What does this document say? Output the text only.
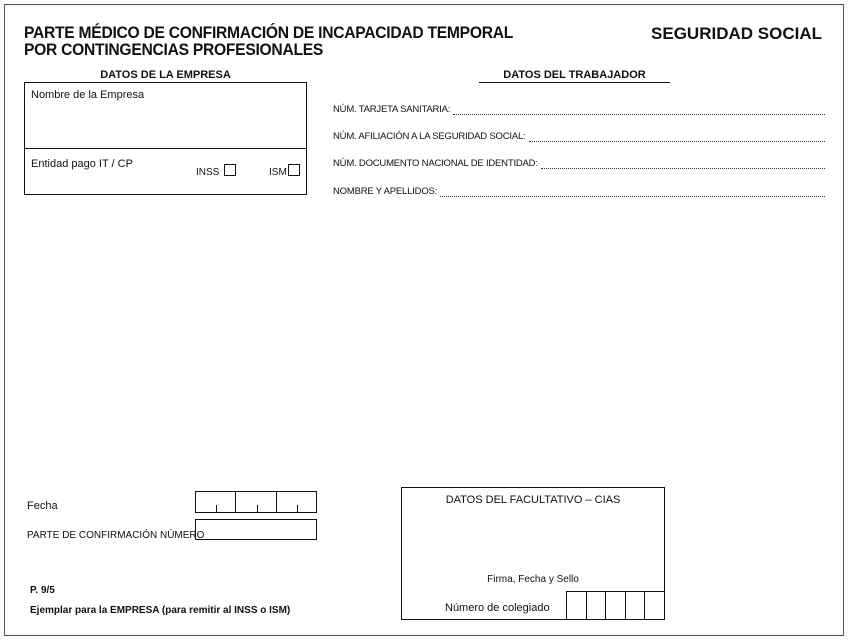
PARTE MÉDICO DE CONFIRMACIÓN DE INCAPACIDAD TEMPORAL
POR CONTINGENCIAS PROFESIONALES
SEGURIDAD SOCIAL
DATOS DE LA EMPRESA
Nombre de la Empresa
Entidad pago IT / CP
INSS	ISM
DATOS DEL TRABAJADOR
NÚM. TARJETA SANITARIA:
NÚM. AFILIACIÓN A LA SEGURIDAD SOCIAL:
NÚM. DOCUMENTO NACIONAL DE IDENTIDAD:
NOMBRE Y APELLIDOS:
Fecha
PARTE DE CONFIRMACIÓN NÚMERO
P. 9/5
Ejemplar para la EMPRESA (para remitir al INSS o ISM)
DATOS DEL FACULTATIVO – CIAS
Firma, Fecha y Sello
Número de colegiado
